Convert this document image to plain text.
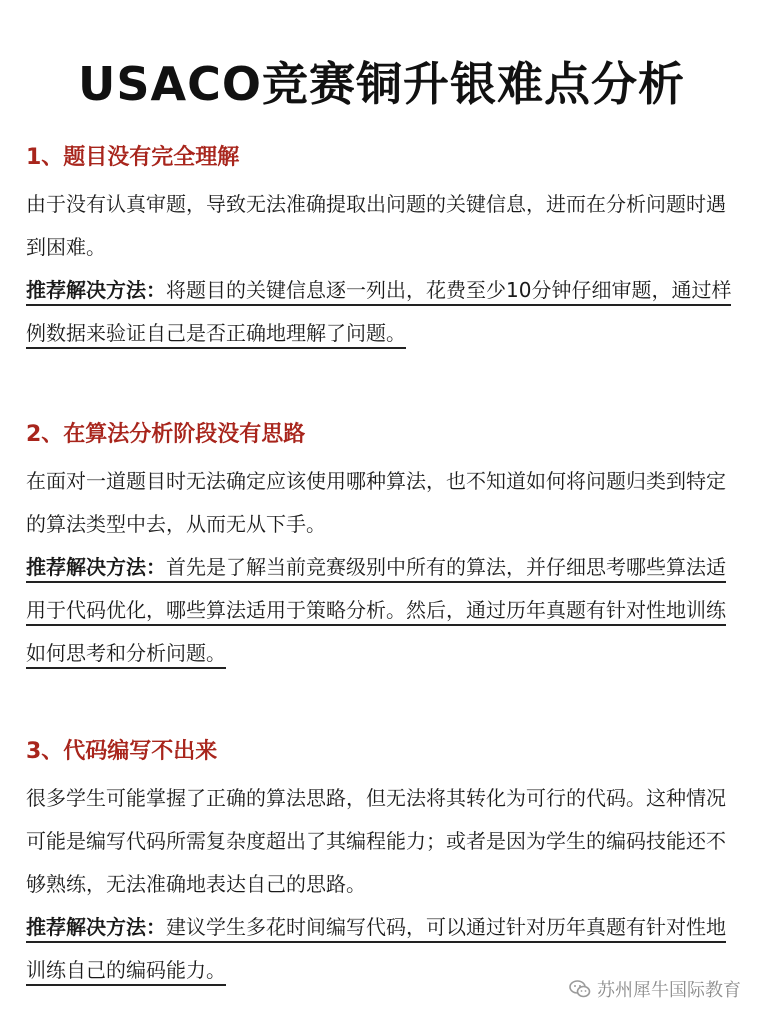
USACO竞赛铜升银难点分析
1、题目没有完全理解

由于没有认真审题，导致无法准确提取出问题的关键信息，进而在分析问题时遇到困难。

推荐解决方法：将题目的关键信息逐一列出，花费至少10分钟仔细审题，通过样例数据来验证自己是否正确地理解了问题。

2、在算法分析阶段没有思路

在面对一道题目时无法确定应该使用哪种算法，也不知道如何将问题归类到特定的算法类型中去，从而无从下手。

推荐解决方法：首先是了解当前竞赛级别中所有的算法，并仔细思考哪些算法适用于代码优化，哪些算法适用于策略分析。然后，通过历年真题有针对性地训练如何思考和分析问题。

3、代码编写不出来

很多学生可能掌握了正确的算法思路，但无法将其转化为可行的代码。这种情况可能是编写代码所需复杂度超出了其编程能力；或者是因为学生的编码技能还不够熟练，无法准确地表达自己的思路。

推荐解决方法：建议学生多花时间编写代码，可以通过针对历年真题有针对性地训练自己的编码能力。

苏州犀牛国际教育
